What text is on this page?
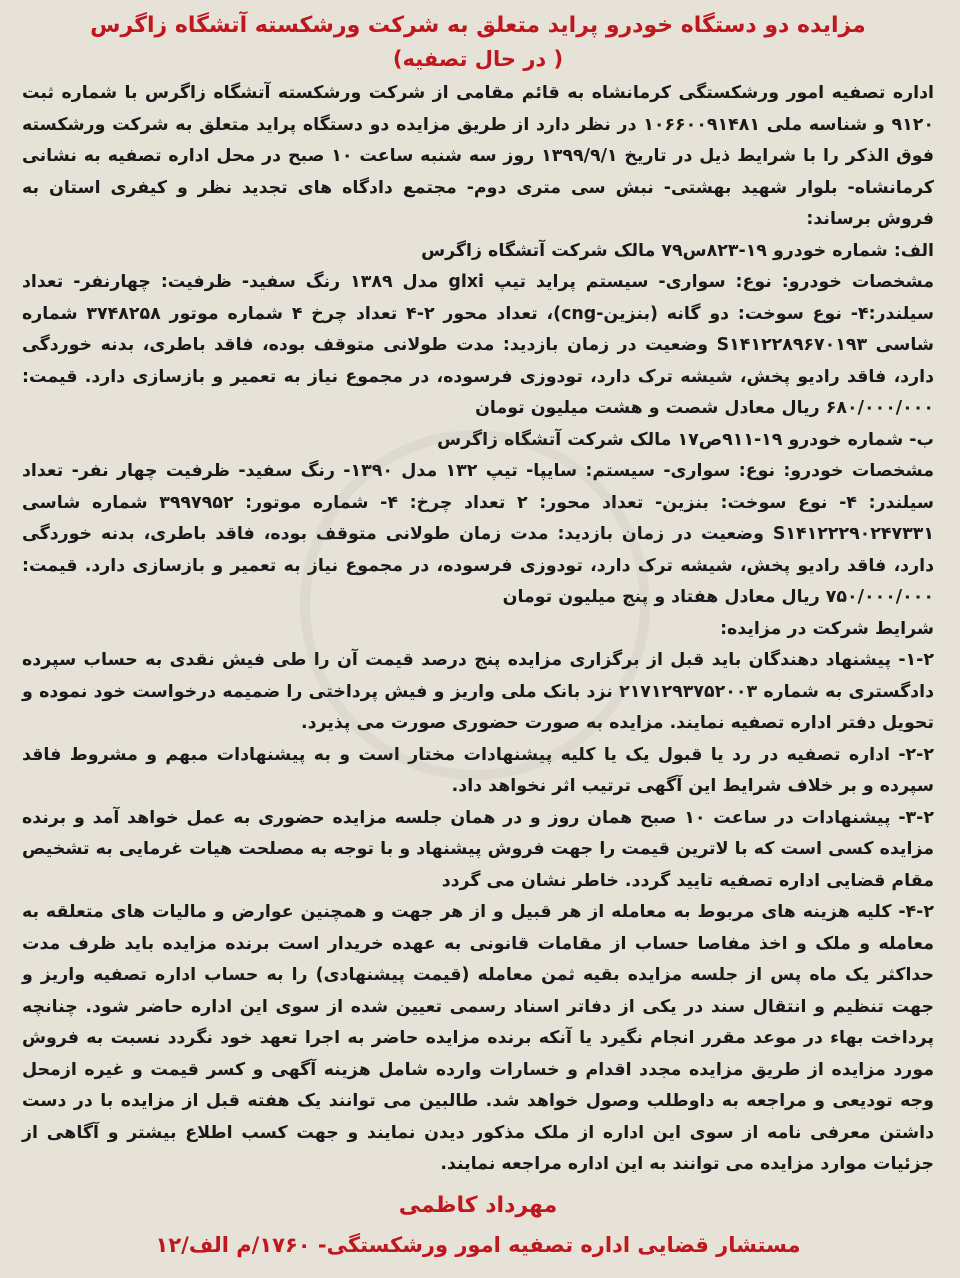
مزایده دو دستگاه خودرو پراید متعلق به شرکت ورشکسته آتشگاه زاگرس
( در حال تصفیه)

اداره تصفیه امور ورشکستگی کرمانشاه به قائم مقامی از شرکت ورشکسته آتشگاه زاگرس با شماره ثبت ۹۱۲۰ و شناسه ملی ۱۰۶۶۰۰۹۱۴۸۱ در نظر دارد از طریق مزایده دو دستگاه پراید متعلق به شرکت ورشکسته فوق الذکر را با شرایط ذیل در تاریخ ۱۳۹۹/۹/۱ روز سه شنبه ساعت ۱۰ صبح در محل اداره تصفیه به نشانی کرمانشاه- بلوار شهید بهشتی- نبش سی متری دوم- مجتمع دادگاه های تجدید نظر و کیفری استان به فروش برساند:

الف: شماره خودرو ۱۹-۸۲۳س۷۹ مالک شرکت آتشگاه زاگرس

مشخصات خودرو: نوع: سواری- سیستم پراید تیپ glxi مدل ۱۳۸۹ رنگ سفید- ظرفیت: چهارنفر- تعداد سیلندر:۴- نوع سوخت: دو گانه (بنزین-cng)، تعداد محور ۲-۴ تعداد چرخ ۴ شماره موتور ۳۷۴۸۲۵۸ شماره شاسی S۱۴۱۲۲۸۹۶۷۰۱۹۳ وضعیت در زمان بازدید: مدت طولانی متوقف بوده، فاقد باطری، بدنه خوردگی دارد، فاقد رادیو پخش، شیشه ترک دارد، تودوزی فرسوده، در مجموع نیاز به تعمیر و بازسازی دارد. قیمت: ۶۸۰/۰۰۰/۰۰۰ ریال معادل شصت و هشت میلیون تومان

ب- شماره خودرو ۱۹-۹۱۱ص۱۷ مالک شرکت آتشگاه زاگرس

مشخصات خودرو: نوع: سواری- سیستم: سایپا- تیپ ۱۳۲ مدل ۱۳۹۰- رنگ سفید- ظرفیت چهار نفر- تعداد سیلندر: ۴- نوع سوخت: بنزین- تعداد محور: ۲ تعداد چرخ: ۴- شماره موتور: ۳۹۹۷۹۵۲ شماره شاسی S۱۴۱۲۲۲۹۰۲۴۷۳۳۱ وضعیت در زمان بازدید: مدت زمان طولانی متوقف بوده، فاقد باطری، بدنه خوردگی دارد، فاقد رادیو پخش، شیشه ترک دارد، تودوزی فرسوده، در مجموع نیاز به تعمیر و بازسازی دارد. قیمت: ۷۵۰/۰۰۰/۰۰۰ ریال معادل هفتاد و پنج میلیون تومان

شرایط شرکت در مزایده:

۱-۲- پیشنهاد دهندگان باید قبل از برگزاری مزایده پنج درصد قیمت آن را طی فیش نقدی به حساب سپرده دادگستری به شماره ۲۱۷۱۲۹۳۷۵۲۰۰۳ نزد بانک ملی واریز و فیش پرداختی را ضمیمه درخواست خود نموده و تحویل دفتر اداره تصفیه نمایند. مزایده به صورت حضوری صورت می پذیرد.

۲-۲- اداره تصفیه در رد یا قبول یک یا کلیه پیشنهادات مختار است و به پیشنهادات مبهم و مشروط فاقد سپرده و بر خلاف شرایط این آگهی ترتیب اثر نخواهد داد.

۳-۲- پیشنهادات در ساعت ۱۰ صبح همان روز و در همان جلسه مزایده حضوری به عمل خواهد آمد و برنده مزایده کسی است که با لاترین قیمت را جهت فروش پیشنهاد و با توجه به مصلحت هیات غرمایی به تشخیص مقام قضایی اداره تصفیه تایید گردد. خاطر نشان می گردد

۴-۲- کلیه هزینه های مربوط به معامله از هر قبیل و از هر جهت و همچنین عوارض و مالیات های متعلقه به معامله و ملک و اخذ مفاصا حساب از مقامات قانونی به عهده خریدار است برنده مزایده باید ظرف مدت حداکثر یک ماه پس از جلسه مزایده بقیه ثمن معامله (قیمت پیشنهادی) را به حساب اداره تصفیه واریز و جهت تنظیم و انتقال سند در یکی از دفاتر اسناد رسمی تعیین شده از سوی این اداره حاضر شود. چنانچه پرداخت بهاء در موعد مقرر انجام نگیرد یا آنکه برنده مزایده حاضر به اجرا تعهد خود نگردد نسبت به فروش مورد مزایده از طریق مزایده مجدد اقدام و خسارات وارده شامل هزینه آگهی و کسر قیمت و غیره ازمحل وجه تودیعی و مراجعه به داوطلب وصول خواهد شد. طالبین می توانند یک هفته قبل از مزایده با در دست داشتن معرفی نامه از سوی این اداره از ملک مذکور دیدن نمایند و جهت کسب اطلاع بیشتر و آگاهی از جزئیات موارد مزایده می توانند به این اداره مراجعه نمایند.

مهرداد کاظمی
مستشار قضایی اداره تصفیه امور ورشکستگی- ۱۷۶۰/م الف/۱۲
